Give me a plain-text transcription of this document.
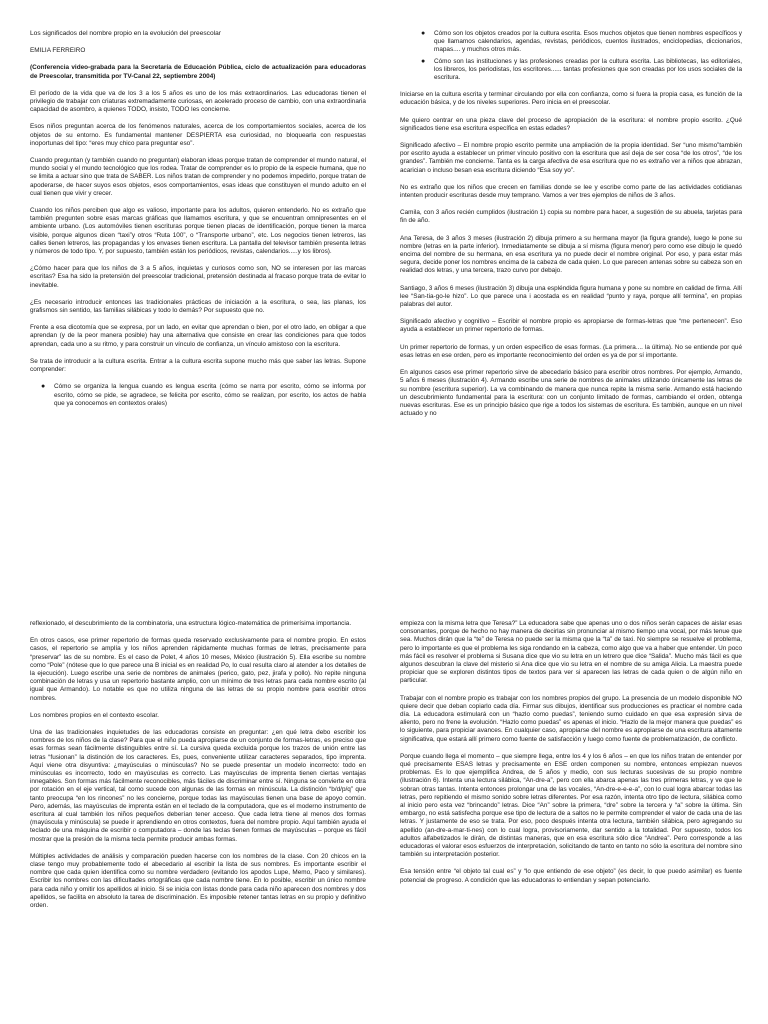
Los significados del nombre propio en la evolución del preescolar

EMILIA FERREIRO

(Conferencia video-grabada para la Secretaría de Educación Pública, ciclo de actualización para educadoras de Preescolar, transmitida por TV-Canal 22, septiembre 2004)

El período de la vida que va de los 3 a los 5 años es uno de los más extraordinarios. Las educadoras tienen el privilegio de trabajar con criaturas extremadamente curiosas, en acelerado proceso de cambio, con una extraordinaria capacidad de asombro, a quienes TODO, insisto, TODO les concierne.

Esos niños preguntan acerca de los fenómenos naturales, acerca de los comportamientos sociales, acerca de los objetos de su entorno. Es fundamental mantener DESPIERTA esa curiosidad, no bloquearla con respuestas inoportunas del tipo: “eres muy chico para preguntar eso”.

Cuando preguntan (y también cuando no preguntan) elaboran ideas porque tratan de comprender el mundo natural, el mundo social y el mundo tecnológico que los rodea. Tratar de comprender es lo propio de la especie humana, que no se limita a actuar sino que trata de SABER. Los niños tratan de comprender y no podemos impedirlo, porque tratan de apoderarse, de hacer suyos esos objetos, esos comportamientos, esas ideas que constituyen el mundo adulto en el cual tienen que vivir y crecer.

Cuando los niños perciben que algo es valioso, importante para los adultos, quieren entenderlo. No es extraño que también pregunten sobre esas marcas gráficas que llamamos escritura, y que se encuentran omnipresentes en el ambiente urbano. (Los automóviles tienen escrituras porque tienen placas de identificación, porque tienen la marca visible, porque algunos dicen “taxi”y otros “Ruta 100”, o “Transporte urbano”, etc. Los negocios tienen letreros, las calles tienen letreros, las propagandas y los envases tienen escritura. La pantalla del televisor también presenta letras y números de todo tipo. Y, por supuesto, también están los periódicos, revistas, calendarios.....y los libros).

¿Cómo hacer para que los niños de 3 a 5 años, inquietas y curiosos como son, NO se interesen por las marcas escritas? Esa ha sido la pretensión del preescolar tradicional, pretensión destinada al fracaso porque trata de evitar lo inevitable.

¿Es necesario introducir entonces las tradicionales prácticas de iniciación a la escritura, o sea, las planas, los grafismos sin sentido, las familias silábicas y todo lo demás? Por supuesto que no.

Frente a esa dicotomía que se expresa, por un lado, en evitar que aprendan o bien, por el otro lado, en obligar a que aprendan (y de la peor manera posible) hay una alternativa que consiste en crear las condiciones para que todos aprendan, cada uno a su ritmo, y para construir un vínculo de confianza, un vínculo amistoso con la escritura.

Se trata de introducir a la cultura escrita. Entrar a la cultura escrita supone mucho más que saber las letras. Supone comprender:

● Cómo se organiza la lengua cuando es lengua escrita (cómo se narra por escrito, cómo se informa por escrito, cómo se pide, se agradece, se felicita por escrito, cómo se realizan, por escrito, los actos de habla que ya conocemos en contextos orales)
● Cómo son los objetos creados por la cultura escrita. Esos muchos objetos que tienen nombres específicos y que llamamos calendarios, agendas, revistas, periódicos, cuentos ilustrados, enciclopedias, diccionarios, mapas.... y muchos otros más.
● Cómo son las instituciones y las profesiones creadas por la cultura escrita. Las bibliotecas, las editoriales, los libreros, los periodistas, los escritores...... tantas profesiones que son creadas por los usos sociales de la escritura.

Iniciarse en la cultura escrita y terminar circulando por ella con confianza, como si fuera la propia casa, es función de la educación básica, y de los niveles superiores. Pero inicia en el preescolar.

Me quiero centrar en una pieza clave del proceso de apropiación de la escritura: el nombre propio escrito. ¿Qué significados tiene esa escritura específica en estas edades?

Significado afectivo – El nombre propio escrito permite una ampliación de la propia identidad. Ser “uno mismo”también por escrito ayuda a establecer un primer vínculo positivo con la escritura que así deja de ser cosa “de los otros”, “de los grandes”. También me concierne. Tanta es la carga afectiva de esa escritura que no es extraño ver a niños que abrazan, acarician o incluso besan esa escritura diciendo “Esa soy yo”.

No es extraño que los niños que crecen en familias donde se lee y escribe como parte de las actividades cotidianas intenten producir escrituras desde muy temprano. Vamos a ver tres ejemplos de niños de 3 años.

Camila, con 3 años recién cumplidos (ilustración 1) copia su nombre para hacer, a sugestión de su abuela, tarjetas para fin de año.

Ana Teresa, de 3 años 3 meses (ilustración 2) dibuja primero a su hermana mayor (la figura grande), luego le pone su nombre (letras en la parte inferior). Inmediatamente se dibuja a sí misma (figura menor) pero como ese dibujo le quedó encima del nombre de su hermana, en esa escritura ya no puede decir el nombre original. Por eso, y para estar más segura, decide poner los nombres encima de la cabeza de cada quien. Lo que parecen antenas sobre su cabeza son en realidad dos letras, y una tercera, trazo curvo por debajo.

Santiago, 3 años 6 meses (ilustración 3) dibuja una espléndida figura humana y pone su nombre en calidad de firma. Allí lee “San-tia-go-le hizo”. Lo que parece una i acostada es en realidad “punto y raya, porque allí termina”, en propias palabras del autor.

Significado afectivo y cognitivo – Escribir el nombre propio es apropiarse de formas-letras que “me pertenecen”. Eso ayuda a establecer un primer repertorio de formas.

Un primer repertorio de formas, y un orden específico de esas formas. (La primera.... la última). No se entiende por qué esas letras en ese orden, pero es importante reconocimiento del orden es ya de por sí importante.

En algunos casos ese primer repertorio sirve de abecedario básico para escribir otros nombres. Por ejemplo, Armando, 5 años 6 meses (ilustración 4). Armando escribe una serie de nombres de animales utilizando únicamente las letras de su nombre (escritura superior). La va combinando de manera que nunca repite la misma serie. Armando está haciendo un descubrimiento fundamental para la escritura: con un conjunto limitado de formas, cambiando el orden, obtenga nuevas escrituras. Ese es un principio básico que rige a todos los sistemas de escritura. Es también, aunque en un nivel actuado y no

reflexionado, el descubrimiento de la combinatoria, una estructura lógico-matemática de primerísima importancia.

En otros casos, ese primer repertorio de formas queda reservado exclusivamente para el nombre propio. En estos casos, el repertorio se amplía y los niños aprenden rápidamente muchas formas de letras, precisamente para “preservar” las de su nombre. Es el caso de Polet, 4 años 10 meses, México (ilustración 5). Ella escribe su nombre como “Pole” (nótese que lo que parece una B inicial es en realidad Po, lo cual resulta claro al atender a los detalles de la ejecución). Luego escribe una serie de nombres de animales (perico, gato, pez, jirafa y pollo). No repite ninguna combinación de letras y usa un repertorio bastante amplio, con un mínimo de tres letras para cada nombre escrito (al igual que Armando). Lo notable es que no utiliza ninguna de las letras de su propio nombre para escribir otros nombres.

Los nombres propios en el contexto escolar.

Una de las tradicionales inquietudes de las educadoras consiste en preguntar: ¿en qué letra debo escribir los nombres de los niños de la clase? Para que el niño pueda apropiarse de un conjunto de formas-letras, es preciso que esas formas sean fácilmente distinguibles entre sí. La cursiva queda excluida porque los trazos de unión entre las letras “fusionan” la distinción de los caracteres. Es, pues, conveniente utilizar caracteres separados, tipo imprenta. Aquí viene otra disyuntiva: ¿mayúsculas o minúsculas? No se puede presentar un modelo incorrecto: todo en minúsculas es incorrecto, todo en mayúsculas es correcto. Las mayúsculas de imprenta tienen ciertas ventajas innegables. Son formas más fácilmente reconocibles, más fáciles de discriminar entre sí. Ninguna se convierte en otra por rotación en el eje vertical, tal como sucede con algunas de las formas en minúscula. La distinción “b/d/p/q” que tanto preocupa “en los rincones” no les concierne, porque todas las mayúsculas tienen una base de apoyo común. Pero, además, las mayúsculas de imprenta están en el teclado de la computadora, que es el moderno instrumento de escritura al cual también los niños pequeños deberían tener acceso. Que cada letra tiene al menos dos formas (mayúscula y minúscula) se puede ir aprendiendo en otros contextos, fuera del nombre propio. Aquí también ayuda el teclado de una máquina de escribir o computadora – donde las teclas tienen formas de mayúsculas – porque es fácil mostrar que la presión de la misma tecla permite producir ambas formas.

Múltiples actividades de análisis y comparación pueden hacerse con los nombres de la clase. Con 20 chicos en la clase tengo muy probablemente todo el abecedario al escribir la lista de sus nombres. Es importante escribir el nombre que cada quien identifica como su nombre verdadero (evitando los apodos Lupe, Memo, Paco y similares). Escribir los nombres con las dificultades ortográficas que cada nombre tiene. En lo posible, escribir un único nombre para cada niño y omitir los apellidos al inicio. Si se inicia con listas donde para cada niño aparecen dos nombres y dos apellidos, se facilita en absoluto la tarea de discriminación. Es imposible retener tantas letras en su propio y definitivo orden.

empieza con la misma letra que Teresa?” La educadora sabe que apenas uno o dos niños serán capaces de aislar esas consonantes, porque de hecho no hay manera de decirlas sin pronunciar al mismo tiempo una vocal, por más tenue que sea. Muchos dirán que la “te” de Teresa no puede ser la misma que la “ta” de taxi. No siempre se resuelve el problema, pero lo importante es que el problema les siga rondando en la cabeza, como algo que va a haber que entender. Un poco más fácil es resolver el problema si Susana dice que vio su letra en un letrero que dice “Salida”. Mucho más fácil es que algunos descubran la clave del misterio si Ana dice que vio su letra en el nombre de su amiga Alicia. La maestra puede propiciar que se exploren distintos tipos de textos para ver si aparecen las letras de cada quien o de algún niño en particular.

Trabajar con el nombre propio es trabajar con los nombres propios del grupo. La presencia de un modelo disponible NO quiere decir que deban copiarlo cada día. Firmar sus dibujos, identificar sus producciones es practicar el nombre cada día. La educadora estimulará con un “hazlo como puedas”, teniendo sumo cuidado en que esa expresión sirva de aliento, pero no frene la evolución. “Hazlo como puedas” es apenas el inicio. “Hazlo de la mejor manera que puedas” es lo siguiente, para propiciar avances. En cualquier caso, apropiarse del nombre es apropiarse de una escritura altamente significativa, que estará allí primero como fuente de satisfacción y luego como fuente de problematización, de conflicto.

Porque cuando llega el momento – que siempre llega, entre los 4 y los 6 años – en que los niños tratan de entender por qué precisamente ESAS letras y precisamente en ESE orden componen su nombre, entonces empiezan nuevos problemas. Es lo que ejemplifica Andrea, de 5 años y medio, con sus lecturas sucesivas de su propio nombre (ilustración 6). Intenta una lectura silábica, “An-dre-a”, pero con ella abarca apenas las tres primeras letras, y ve que le sobran otras tantas. Intenta entonces prolongar una de las vocales, “An-dre-e-e-e-a”, con lo cual logra abarcar todas las letras, pero repitiendo el mismo sonido sobre letras diferentes. Por esa razón, intenta otro tipo de lectura, silábica como al inicio pero esta vez “brincando” letras. Dice “An” sobre la primera, “dre” sobre la tercera y “a” sobre la última. Sin embargo, no está satisfecha porque ese tipo de lectura de a saltos no le permite comprender el valor de cada una de las letras. Y justamente de eso se trata. Por eso, poco después intenta otra lectura, también silábica, pero agregando su apellido (an-dre-a-mar-ti-nes) con lo cual logra, provisoriamente, dar sentido a la totalidad. Por supuesto, todos los adultos alfabetizados le dirán, de distintas maneras, que en esa escritura sólo dice “Andrea”. Pero corresponde a las educadoras el valorar esos esfuerzos de interpretación, solicitando de tanto en tanto no sólo la escritura del nombre sino también su interpretación posterior.

Esa tensión entre “el objeto tal cual es” y “lo que entiendo de ese objeto” (es decir, lo que puedo asimilar) es fuente potencial de progreso. A condición que las educadoras lo entiendan y sepan potenciarlo.
